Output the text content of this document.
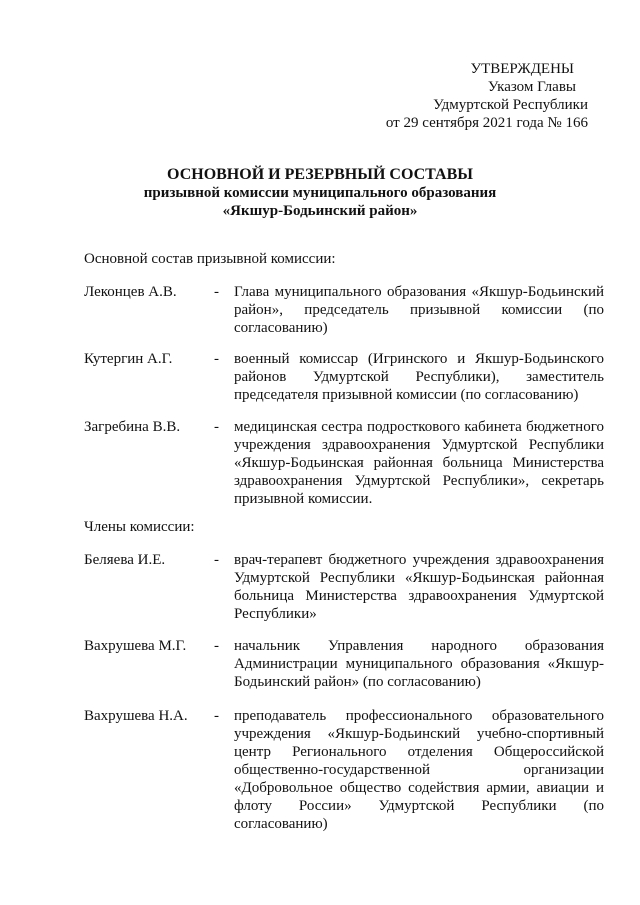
УТВЕРЖДЕНЫ
Указом Главы
Удмуртской Республики
от 29 сентября 2021 года № 166
ОСНОВНОЙ И РЕЗЕРВНЫЙ СОСТАВЫ
призывной комиссии муниципального образования
«Якшур-Бодьинский район»
Основной состав призывной комиссии:
Леконцев А.В.	-	Глава муниципального образования «Якшур-Бодьинский район», председатель призывной комиссии (по согласованию)
Кутергин А.Г.	-	военный комиссар (Игринского и Якшур-Бодьинского районов Удмуртской Республики), заместитель председателя призывной комиссии (по согласованию)
Загребина В.В.	-	медицинская сестра подросткового кабинета бюджетного учреждения здравоохранения Удмуртской Республики «Якшур-Бодьинская районная больница Министерства здравоохранения Удмуртской Республики», секретарь призывной комиссии.
Члены комиссии:
Беляева И.Е.	-	врач-терапевт бюджетного учреждения здравоохранения Удмуртской Республики «Якшур-Бодьинская районная больница Министерства здравоохранения Удмуртской Республики»
Вахрушева М.Г.	-	начальник Управления народного образования Администрации муниципального образования «Якшур-Бодьинский район» (по согласованию)
Вахрушева Н.А.	-	преподаватель профессионального образовательного учреждения «Якшур-Бодьинский учебно-спортивный центр Регионального отделения Общероссийской общественно-государственной организации «Добровольное общество содействия армии, авиации и флоту России» Удмуртской Республики (по согласованию)
